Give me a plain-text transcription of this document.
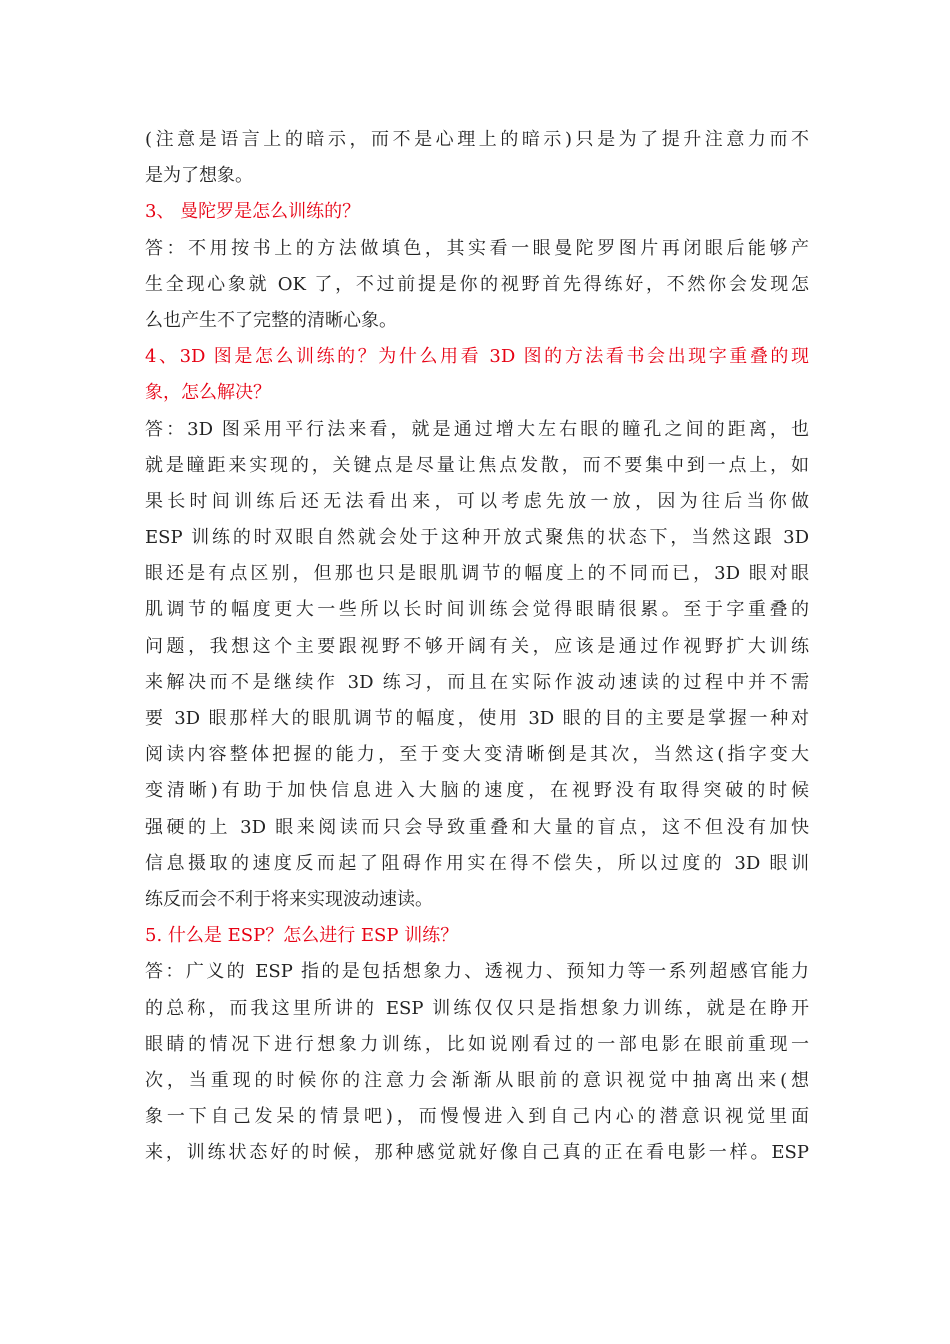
(注意是语言上的暗示，而不是心理上的暗示)只是为了提升注意力而不
是为了想象。
3、 曼陀罗是怎么训练的？
答：不用按书上的方法做填色，其实看一眼曼陀罗图片再闭眼后能够产
生全现心象就 OK 了，不过前提是你的视野首先得练好，不然你会发现怎
么也产生不了完整的清晰心象。
4、3D 图是怎么训练的？为什么用看 3D 图的方法看书会出现字重叠的现
象，怎么解决？
答：3D 图采用平行法来看，就是通过增大左右眼的瞳孔之间的距离，也
就是瞳距来实现的，关键点是尽量让焦点发散，而不要集中到一点上，如
果长时间训练后还无法看出来，可以考虑先放一放，因为往后当你做
ESP 训练的时双眼自然就会处于这种开放式聚焦的状态下，当然这跟 3D
眼还是有点区别，但那也只是眼肌调节的幅度上的不同而已，3D 眼对眼
肌调节的幅度更大一些所以长时间训练会觉得眼睛很累。至于字重叠的
问题，我想这个主要跟视野不够开阔有关，应该是通过作视野扩大训练
来解决而不是继续作 3D 练习，而且在实际作波动速读的过程中并不需
要 3D 眼那样大的眼肌调节的幅度，使用 3D 眼的目的主要是掌握一种对
阅读内容整体把握的能力，至于变大变清晰倒是其次，当然这(指字变大
变清晰)有助于加快信息进入大脑的速度，在视野没有取得突破的时候
强硬的上 3D 眼来阅读而只会导致重叠和大量的盲点，这不但没有加快
信息摄取的速度反而起了阻碍作用实在得不偿失，所以过度的 3D 眼训
练反而会不利于将来实现波动速读。
5. 什么是 ESP？怎么进行 ESP 训练？
答：广义的 ESP 指的是包括想象力、透视力、预知力等一系列超感官能力
的总称，而我这里所讲的 ESP 训练仅仅只是指想象力训练，就是在睁开
眼睛的情况下进行想象力训练，比如说刚看过的一部电影在眼前重现一
次，当重现的时候你的注意力会渐渐从眼前的意识视觉中抽离出来(想
象一下自己发呆的情景吧)，而慢慢进入到自己内心的潜意识视觉里面
来，训练状态好的时候，那种感觉就好像自己真的正在看电影一样。ESP
